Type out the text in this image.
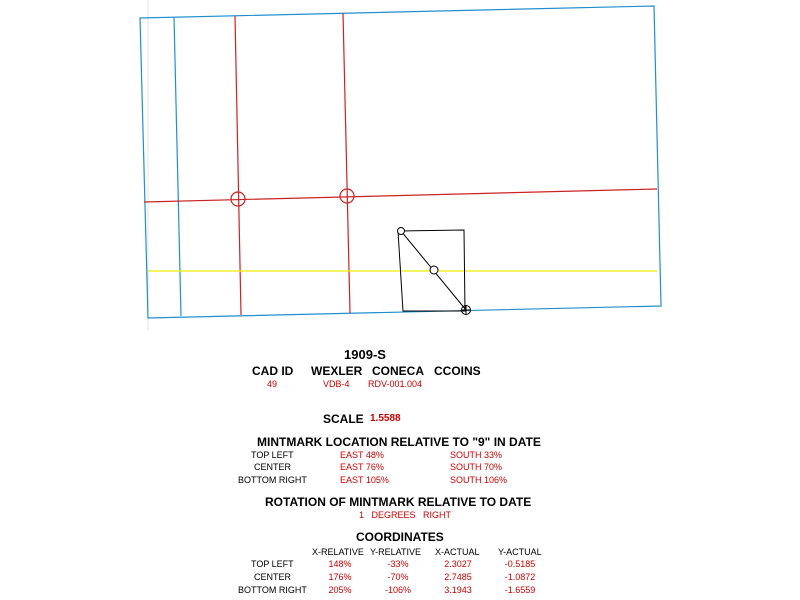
1909-S
CAD ID WEXLER CONECA CCOINS
49	VDB-4 RDV-001.004
SCALE 1.5588
MINTMARK LOCATION RELATIVE TO "9" IN DATE
TOP LEFT	EAST 48%	SOUTH 33%
CENTER	EAST 76%	SOUTH 70%
BOTTOM RIGHT	EAST 105%	SOUTH 106%
ROTATION OF MINTMARK RELATIVE TO DATE
1   DEGREES   RIGHT
COORDINATES
X-RELATIVE Y-RELATIVE X-ACTUAL Y-ACTUAL
TOP LEFT	148%	-33%	2.3027	-0.5185
CENTER	176%	-70%	2.7485	-1.0872
BOTTOM RIGHT	205%	-106%	3.1943	-1.6559
